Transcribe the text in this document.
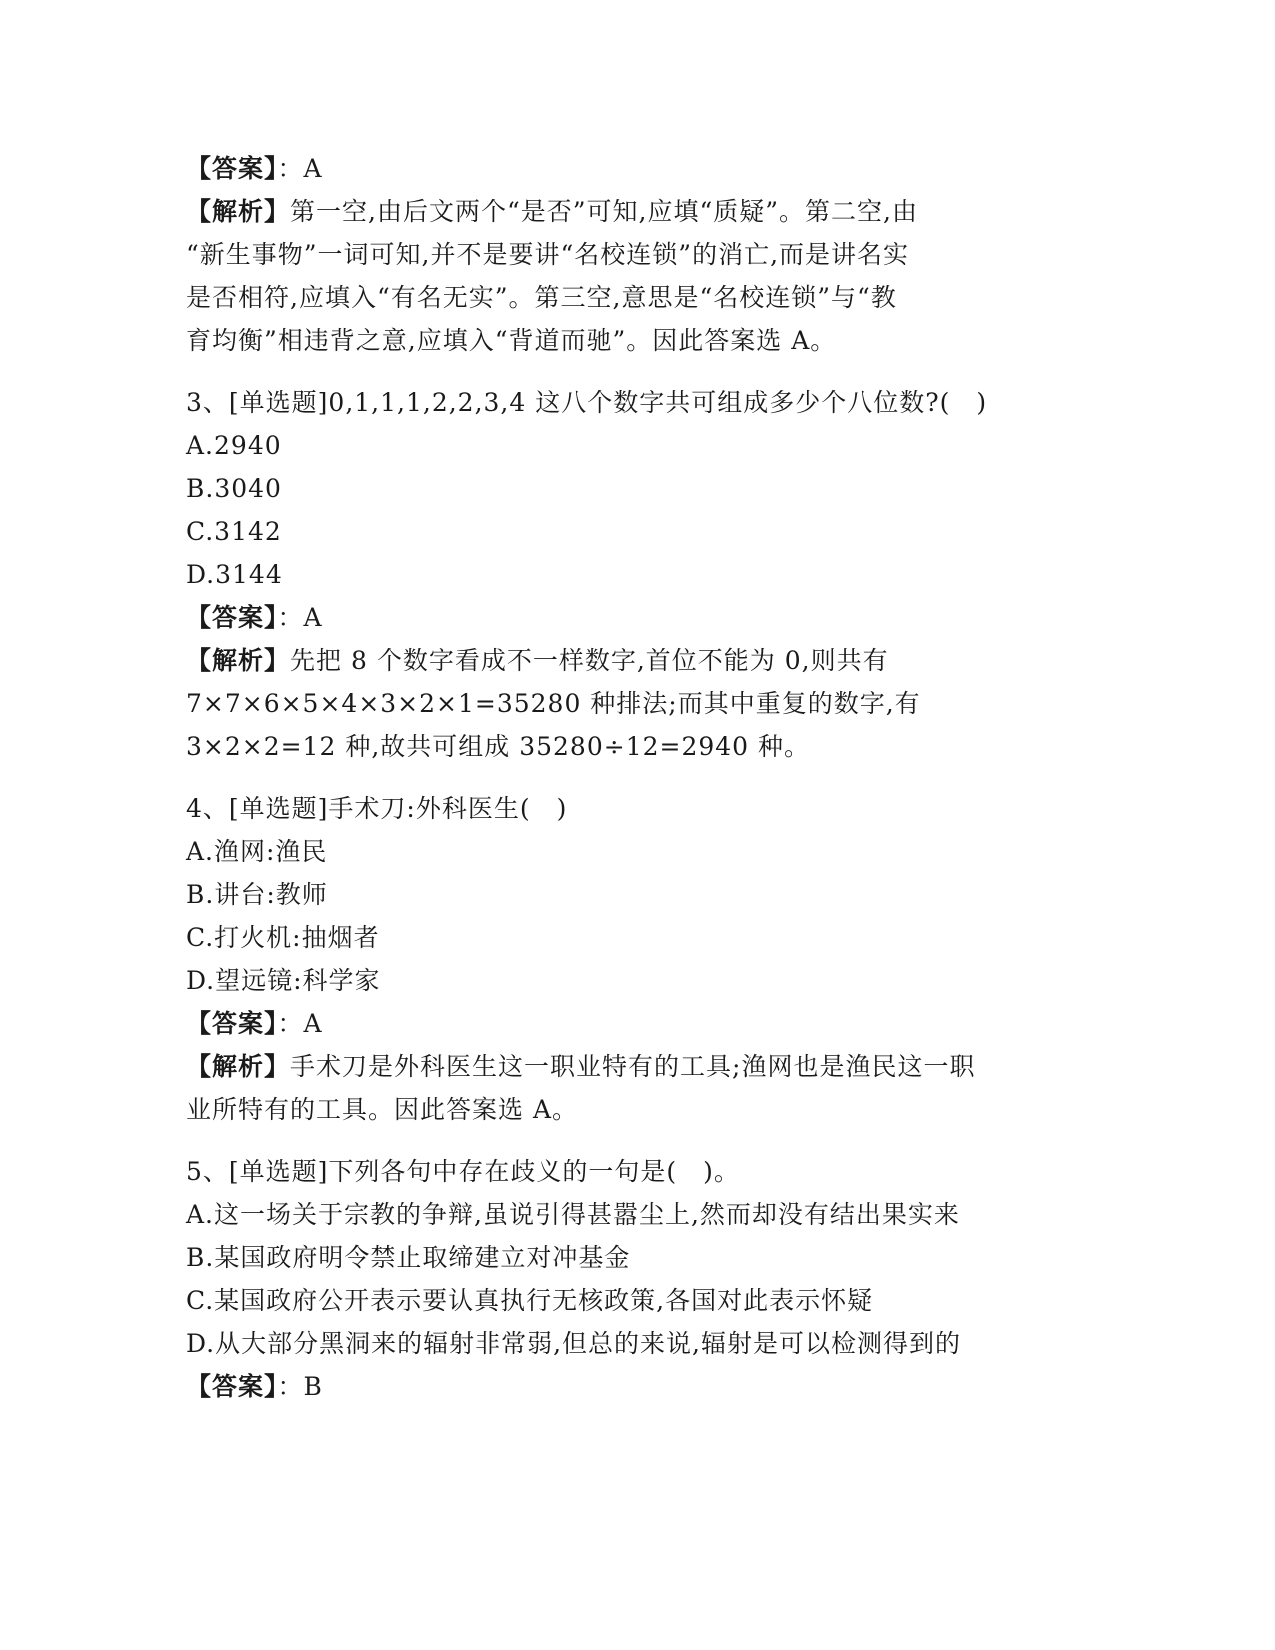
【答案】：A
【解析】第一空,由后文两个“是否”可知,应填“质疑”。第二空,由
“新生事物”一词可知,并不是要讲“名校连锁”的消亡,而是讲名实
是否相符,应填入“有名无实”。第三空,意思是“名校连锁”与“教
育均衡”相违背之意,应填入“背道而驰”。因此答案选 A。
3、[单选题]0,1,1,1,2,2,3,4 这八个数字共可组成多少个八位数?(　)
A.2940
B.3040
C.3142
D.3144
【答案】：A
【解析】先把 8 个数字看成不一样数字,首位不能为 0,则共有
7×7×6×5×4×3×2×1=35280 种排法;而其中重复的数字,有
3×2×2=12 种,故共可组成 35280÷12=2940 种。
4、[单选题]手术刀:外科医生(　)
A.渔网:渔民
B.讲台:教师
C.打火机:抽烟者
D.望远镜:科学家
【答案】：A
【解析】手术刀是外科医生这一职业特有的工具;渔网也是渔民这一职
业所特有的工具。因此答案选 A。
5、[单选题]下列各句中存在歧义的一句是(　)。
A.这一场关于宗教的争辩,虽说引得甚嚣尘上,然而却没有结出果实来
B.某国政府明令禁止取缔建立对冲基金
C.某国政府公开表示要认真执行无核政策,各国对此表示怀疑
D.从大部分黑洞来的辐射非常弱,但总的来说,辐射是可以检测得到的
【答案】：B
